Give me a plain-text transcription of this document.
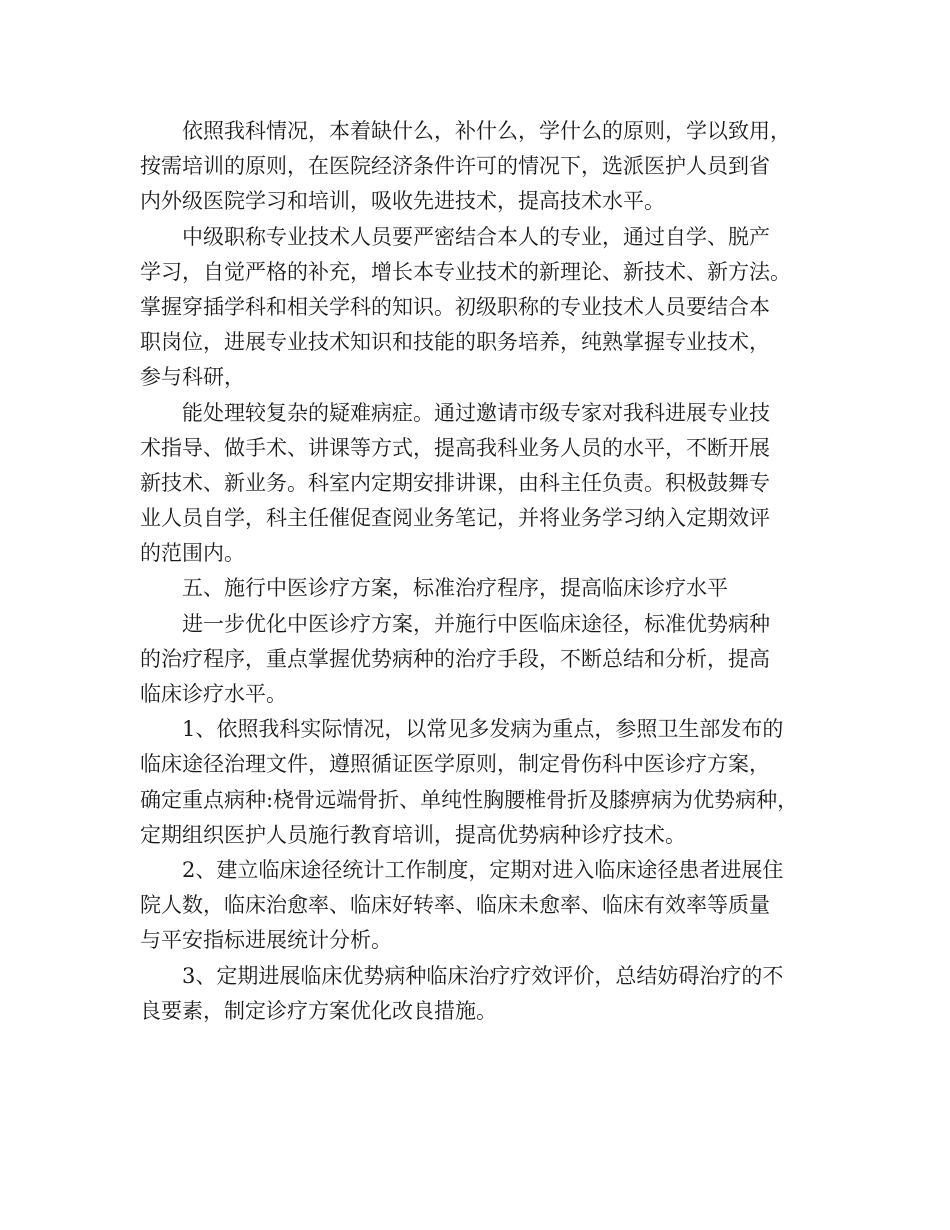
依照我科情况，本着缺什么，补什么，学什么的原则，学以致用，
按需培训的原则，在医院经济条件许可的情况下，选派医护人员到省
内外级医院学习和培训，吸收先进技术，提高技术水平。
中级职称专业技术人员要严密结合本人的专业，通过自学、脱产
学习，自觉严格的补充，增长本专业技术的新理论、新技术、新方法。
掌握穿插学科和相关学科的知识。初级职称的专业技术人员要结合本
职岗位，进展专业技术知识和技能的职务培养，纯熟掌握专业技术，
参与科研，
能处理较复杂的疑难病症。通过邀请市级专家对我科进展专业技
术指导、做手术、讲课等方式，提高我科业务人员的水平，不断开展
新技术、新业务。科室内定期安排讲课，由科主任负责。积极鼓舞专
业人员自学，科主任催促查阅业务笔记，并将业务学习纳入定期效评
的范围内。
五、施行中医诊疗方案，标准治疗程序，提高临床诊疗水平
进一步优化中医诊疗方案，并施行中医临床途径，标准优势病种
的治疗程序，重点掌握优势病种的治疗手段，不断总结和分析，提高
临床诊疗水平。
1、依照我科实际情况，以常见多发病为重点，参照卫生部发布的
临床途径治理文件，遵照循证医学原则，制定骨伤科中医诊疗方案，
确定重点病种:桡骨远端骨折、单纯性胸腰椎骨折及膝痹病为优势病种，
定期组织医护人员施行教育培训，提高优势病种诊疗技术。
2、建立临床途径统计工作制度，定期对进入临床途径患者进展住
院人数，临床治愈率、临床好转率、临床未愈率、临床有效率等质量
与平安指标进展统计分析。
3、定期进展临床优势病种临床治疗疗效评价，总结妨碍治疗的不
良要素，制定诊疗方案优化改良措施。
